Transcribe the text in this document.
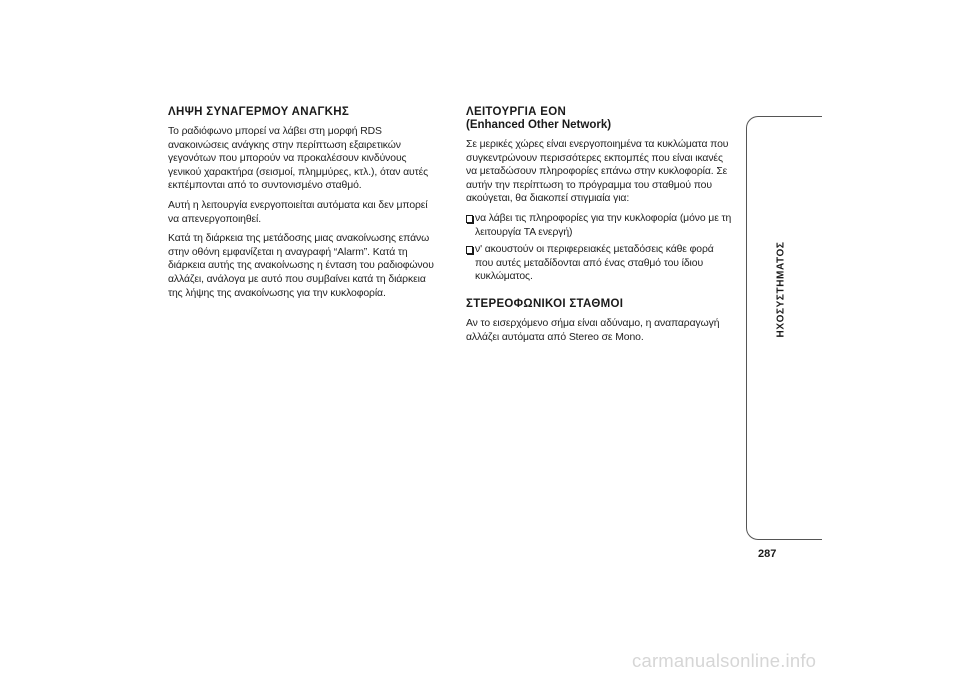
ΛΗΨΗ ΣΥΝΑΓΕΡΜΟΥ ΑΝΑΓΚΗΣ

Το ραδιόφωνο μπορεί να λάβει στη μορφή RDS ανακοινώσεις ανάγκης στην περίπτωση εξαιρετικών γεγονότων που μπορούν να προκαλέσουν κινδύνους γενικού χαρακτήρα (σεισμοί, πλημμύρες, κτλ.), όταν αυτές εκπέμπονται από το συντονισμένο σταθμό.

Αυτή η λειτουργία ενεργοποιείται αυτόματα και δεν μπορεί να απενεργοποιηθεί.

Κατά τη διάρκεια της μετάδοσης μιας ανακοίνωσης επάνω στην οθόνη εμφανίζεται η αναγραφή “Alarm”. Κατά τη διάρκεια αυτής της ανακοίνωσης η ένταση του ραδιοφώνου αλλάζει, ανάλογα με αυτό που συμβαίνει κατά τη διάρκεια της λήψης της ανακοίνωσης για την κυκλοφορία.

ΛΕΙΤΟΥΡΓΙΑ EON
(Enhanced Other Network)

Σε μερικές χώρες είναι ενεργοποιημένα τα κυκλώματα που συγκεντρώνουν περισσότερες εκπομπές που είναι ικανές να μεταδώσουν πληροφορίες επάνω στην κυκλοφορία. Σε αυτήν την περίπτωση το πρόγραμμα του σταθμού που ακούγεται, θα διακοπεί στιγμιαία για:

να λάβει τις πληροφορίες για την κυκλοφορία (μόνο με τη λειτουργία TA ενεργή)
ν' ακουστούν οι περιφερειακές μεταδόσεις κάθε φορά που αυτές μεταδίδονται από ένας σταθμό του ίδιου κυκλώματος.
ΣΤΕΡΕΟΦΩΝΙΚΟΙ ΣΤΑΘΜΟΙ

Αν το εισερχόμενο σήμα είναι αδύναμο, η αναπαραγωγή αλλάζει αυτόματα από Stereo σε Mono.	ΗΧΟΣΥΣΤΗΜΑΤΟΣ
287
carmanualsonline.info
